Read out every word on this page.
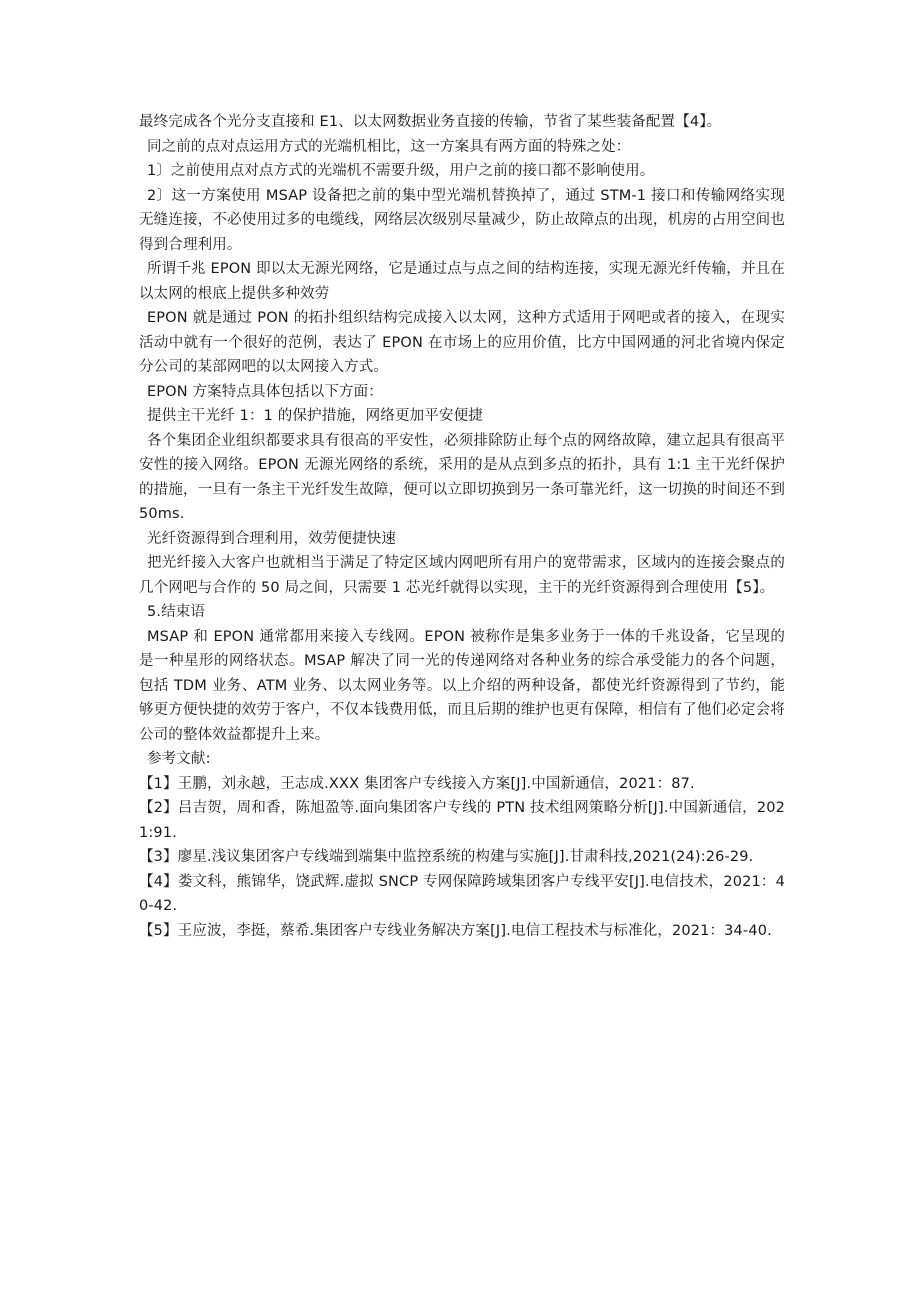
最终完成各个光分支直接和 E1、以太网数据业务直接的传输，节省了某些装备配置【4】。

同之前的点对点运用方式的光端机相比，这一方案具有两方面的特殊之处：

1〕之前使用点对点方式的光端机不需要升级，用户之前的接口都不影响使用。

2〕这一方案使用 MSAP 设备把之前的集中型光端机替换掉了，通过 STM-1 接口和传输网络实现无缝连接，不必使用过多的电缆线，网络层次级别尽量减少，防止故障点的出现，机房的占用空间也得到合理利用。

所谓千兆 EPON 即以太无源光网络，它是通过点与点之间的结构连接，实现无源光纤传输，并且在以太网的根底上提供多种效劳

EPON 就是通过 PON 的拓扑组织结构完成接入以太网，这种方式适用于网吧或者的接入，在现实活动中就有一个很好的范例，表达了 EPON 在市场上的应用价值，比方中国网通的河北省境内保定分公司的某部网吧的以太网接入方式。

EPON 方案特点具体包括以下方面：

提供主干光纤 1：1 的保护措施，网络更加平安便捷

各个集团企业组织都要求具有很高的平安性，必须排除防止每个点的网络故障，建立起具有很高平安性的接入网络。EPON 无源光网络的系统，采用的是从点到多点的拓扑，具有 1:1 主干光纤保护的措施，一旦有一条主干光纤发生故障，便可以立即切换到另一条可靠光纤，这一切换的时间还不到 50ms.

光纤资源得到合理利用，效劳便捷快速

把光纤接入大客户也就相当于满足了特定区域内网吧所有用户的宽带需求，区域内的连接会聚点的几个网吧与合作的 50 局之间，只需要 1 芯光纤就得以实现，主干的光纤资源得到合理使用【5】。

5.结束语

MSAP 和 EPON 通常都用来接入专线网。EPON 被称作是集多业务于一体的千兆设备，它呈现的是一种星形的网络状态。MSAP 解决了同一光的传递网络对各种业务的综合承受能力的各个问题，包括 TDM 业务、ATM 业务、以太网业务等。以上介绍的两种设备，都使光纤资源得到了节约，能够更方便快捷的效劳于客户，不仅本钱费用低，而且后期的维护也更有保障，相信有了他们必定会将公司的整体效益都提升上来。

参考文献:

【1】王鹏，刘永越，王志成.XXX 集团客户专线接入方案[J].中国新通信，2021：87.

【2】吕吉贺，周和香，陈旭盈等.面向集团客户专线的 PTN 技术组网策略分析[J].中国新通信，2021:91.

【3】廖星.浅议集团客户专线端到端集中监控系统的构建与实施[J].甘肃科技,2021(24):26-29.

【4】娄文科，熊锦华，饶武辉.虚拟 SNCP 专网保障跨域集团客户专线平安[J].电信技术，2021：40-42.

【5】王应波，李挺，蔡希.集团客户专线业务解决方案[J].电信工程技术与标准化，2021：34-40.
